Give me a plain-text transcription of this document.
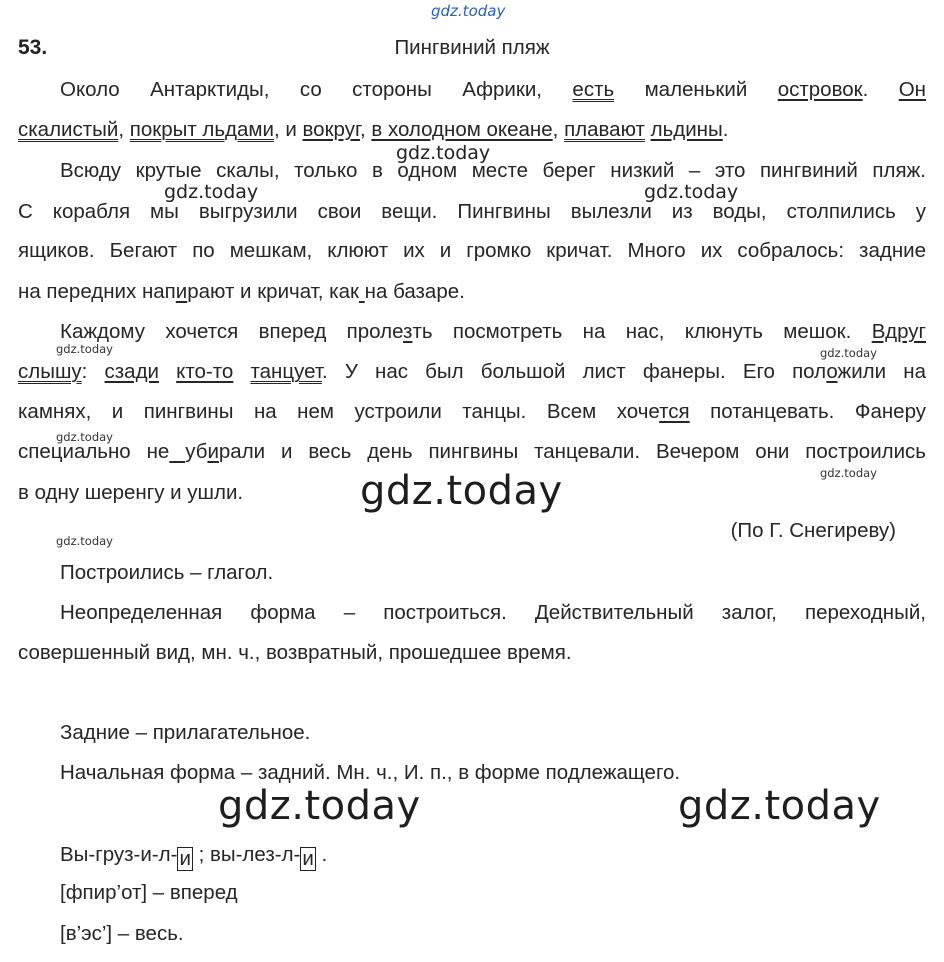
gdz.today
53.	Пингвиний пляж
Около Антарктиды, со стороны Африки, есть маленький островок. Он
скалистый, покрыт льдами, и вокруг, в холодном океане, плавают льдины.
Всюду крутые скалы, только в одном месте берег низкий – это пингвиний пляж.
С корабля мы выгрузили свои вещи. Пингвины вылезли из воды, столпились у
ящиков. Бегают по мешкам, клюют их и громко кричат. Много их собралось: задние
на передних напирают и кричат, как на базаре.
Каждому хочется вперед пролезть посмотреть на нас, клюнуть мешок. Вдруг
слышу: сзади кто-то танцует. У нас был большой лист фанеры. Его положили на
камнях, и пингвины на нем устроили танцы. Всем хочется потанцевать. Фанеру
специально не убирали и весь день пингвины танцевали. Вечером они построились
в одну шеренгу и ушли.
(По Г. Снегиреву)
Построились – глагол.
Неопределенная форма – построиться. Действительный залог, переходный,
совершенный вид, мн. ч., возвратный, прошедшее время.
Задние – прилагательное.
Начальная форма – задний. Мн. ч., И. п., в форме подлежащего.
Вы-груз-и-л-и ; вы-лез-л-и .
[фпир’от] – вперед
[в’эс’] – весь.
gdz.today
gdz.today	gdz.today
gdz.today	gdz.today
gdz.today
gdz.today
gdz.today
gdz.today
gdz.today	gdz.today
